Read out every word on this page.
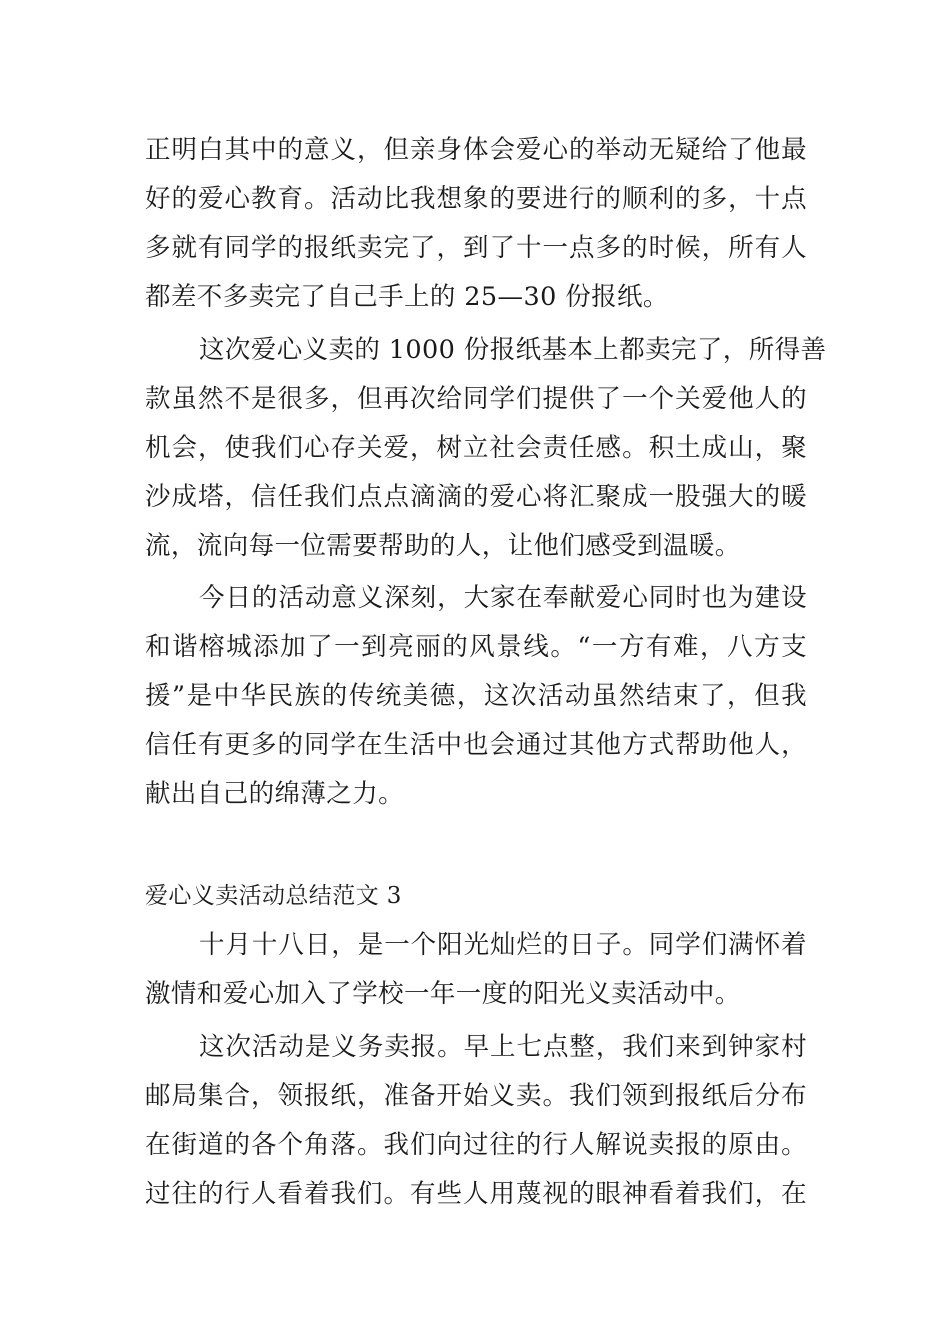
正明白其中的意义，但亲身体会爱心的举动无疑给了他最
好的爱心教育。活动比我想象的要进行的顺利的多，十点
多就有同学的报纸卖完了，到了十一点多的时候，所有人
都差不多卖完了自己手上的 25—30 份报纸。
这次爱心义卖的 1000 份报纸基本上都卖完了，所得善
款虽然不是很多，但再次给同学们提供了一个关爱他人的
机会，使我们心存关爱，树立社会责任感。积土成山，聚
沙成塔，信任我们点点滴滴的爱心将汇聚成一股强大的暖
流，流向每一位需要帮助的人，让他们感受到温暖。
今日的活动意义深刻，大家在奉献爱心同时也为建设
和谐榕城添加了一到亮丽的风景线。“一方有难，八方支
援”是中华民族的传统美德，这次活动虽然结束了，但我
信任有更多的同学在生活中也会通过其他方式帮助他人，
献出自己的绵薄之力。
爱心义卖活动总结范文 3
十月十八日，是一个阳光灿烂的日子。同学们满怀着
激情和爱心加入了学校一年一度的阳光义卖活动中。
这次活动是义务卖报。早上七点整，我们来到钟家村
邮局集合，领报纸，准备开始义卖。我们领到报纸后分布
在街道的各个角落。我们向过往的行人解说卖报的原由。
过往的行人看着我们。有些人用蔑视的眼神看着我们，在
